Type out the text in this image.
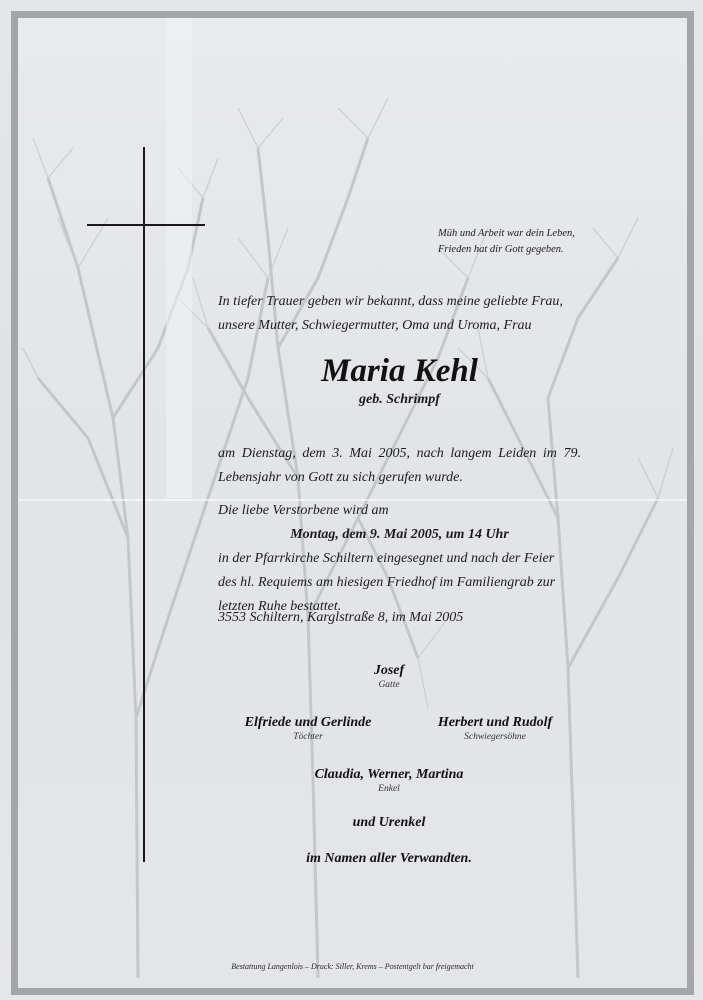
Müh und Arbeit war dein Leben,
Frieden hat dir Gott gegeben.
In tiefer Trauer geben wir bekannt, dass meine geliebte Frau,
unsere Mutter, Schwiegermutter, Oma und Uroma, Frau
Maria Kehl
geb. Schrimpf
am Dienstag, dem 3. Mai 2005, nach langem Leiden im 79. Lebensjahr von Gott zu sich gerufen wurde.
Die liebe Verstorbene wird am
Montag, dem 9. Mai 2005, um 14 Uhr
in der Pfarrkirche Schiltern eingesegnet und nach der Feier
des hl. Requiems am hiesigen Friedhof im Familiengrab zur
letzten Ruhe bestattet.
3553 Schiltern, Karglstraße 8, im Mai 2005
Josef
Gatte
Elfriede und Gerlinde
Töchter
Herbert und Rudolf
Schwiegersöhne
Claudia, Werner, Martina
Enkel
und Urenkel
im Namen aller Verwandten.
Bestattung Langenlois – Druck: Siller, Krems – Postentgelt bar freigemacht
